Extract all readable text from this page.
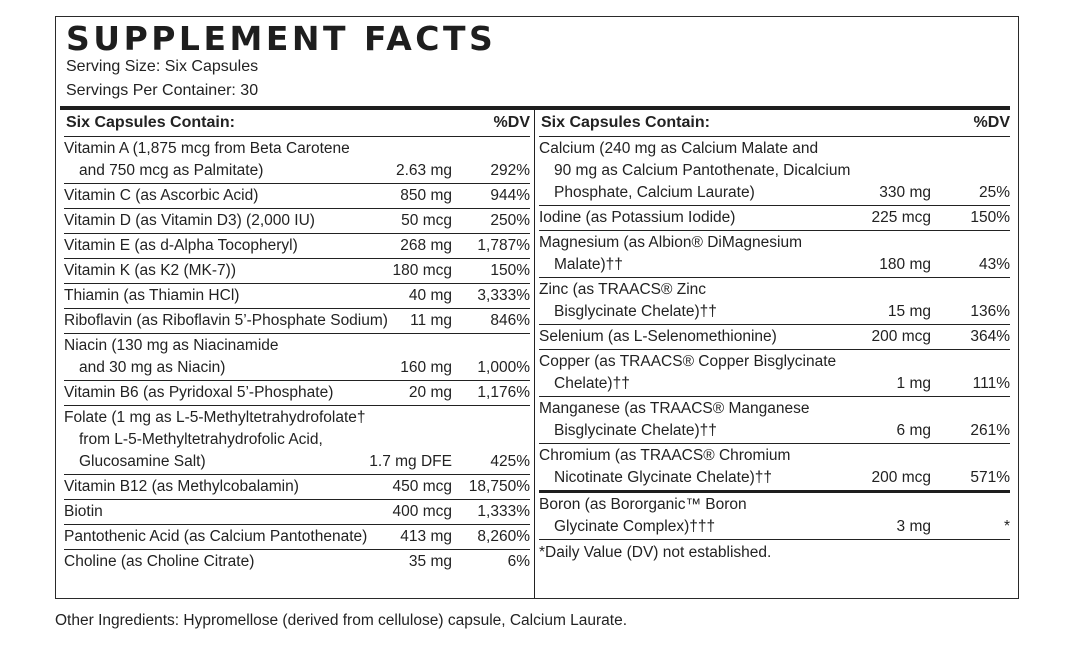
SUPPLEMENT FACTS
Serving Size: Six Capsules
Servings Per Container: 30
Six Capsules Contain:	%DV
Vitamin A (1,875 mcg from Beta Carotene
and 750 mcg as Palmitate)	2.63 mg 292%
Vitamin C (as Ascorbic Acid)	850 mg 944%
Vitamin D (as Vitamin D3) (2,000 IU)	50 mcg 250%
Vitamin E (as d-Alpha Tocopheryl)	268 mg 1,787%
Vitamin K (as K2 (MK-7))	180 mcg 150%
Thiamin (as Thiamin HCl)	40 mg 3,333%
Riboflavin (as Riboflavin 5’-Phosphate Sodium)	11 mg 846%
Niacin (130 mg as Niacinamide
and 30 mg as Niacin)	160 mg 1,000%
Vitamin B6 (as Pyridoxal 5’-Phosphate)	20 mg 1,176%
Folate (1 mg as L-5-Methyltetrahydrofolate†
from L-5-Methyltetrahydrofolic Acid,
Glucosamine Salt)	1.7 mg DFE 425%
Vitamin B12 (as Methylcobalamin)	450 mcg 18,750%
Biotin	400 mcg 1,333%
Pantothenic Acid (as Calcium Pantothenate)	413 mg 8,260%
Choline (as Choline Citrate)	35 mg	6%
Six Capsules Contain:	%DV
Calcium (240 mg as Calcium Malate and
90 mg as Calcium Pantothenate, Dicalcium
Phosphate, Calcium Laurate)	330 mg	25%
Iodine (as Potassium Iodide)	225 mcg	150%
Magnesium (as Albion® DiMagnesium
Malate)††	180 mg	43%
Zinc (as TRAACS® Zinc
Bisglycinate Chelate)††	15 mg	136%
Selenium (as L-Selenomethionine)	200 mcg	364%
Copper (as TRAACS® Copper Bisglycinate
Chelate)††	1 mg	111%
Manganese (as TRAACS® Manganese
Bisglycinate Chelate)††	6 mg	261%
Chromium (as TRAACS® Chromium
Nicotinate Glycinate Chelate)††	200 mcg	571%
Boron (as Bororganic™ Boron
Glycinate Complex)†††	3 mg	*
*Daily Value (DV) not established.
Other Ingredients: Hypromellose (derived from cellulose) capsule, Calcium Laurate.
